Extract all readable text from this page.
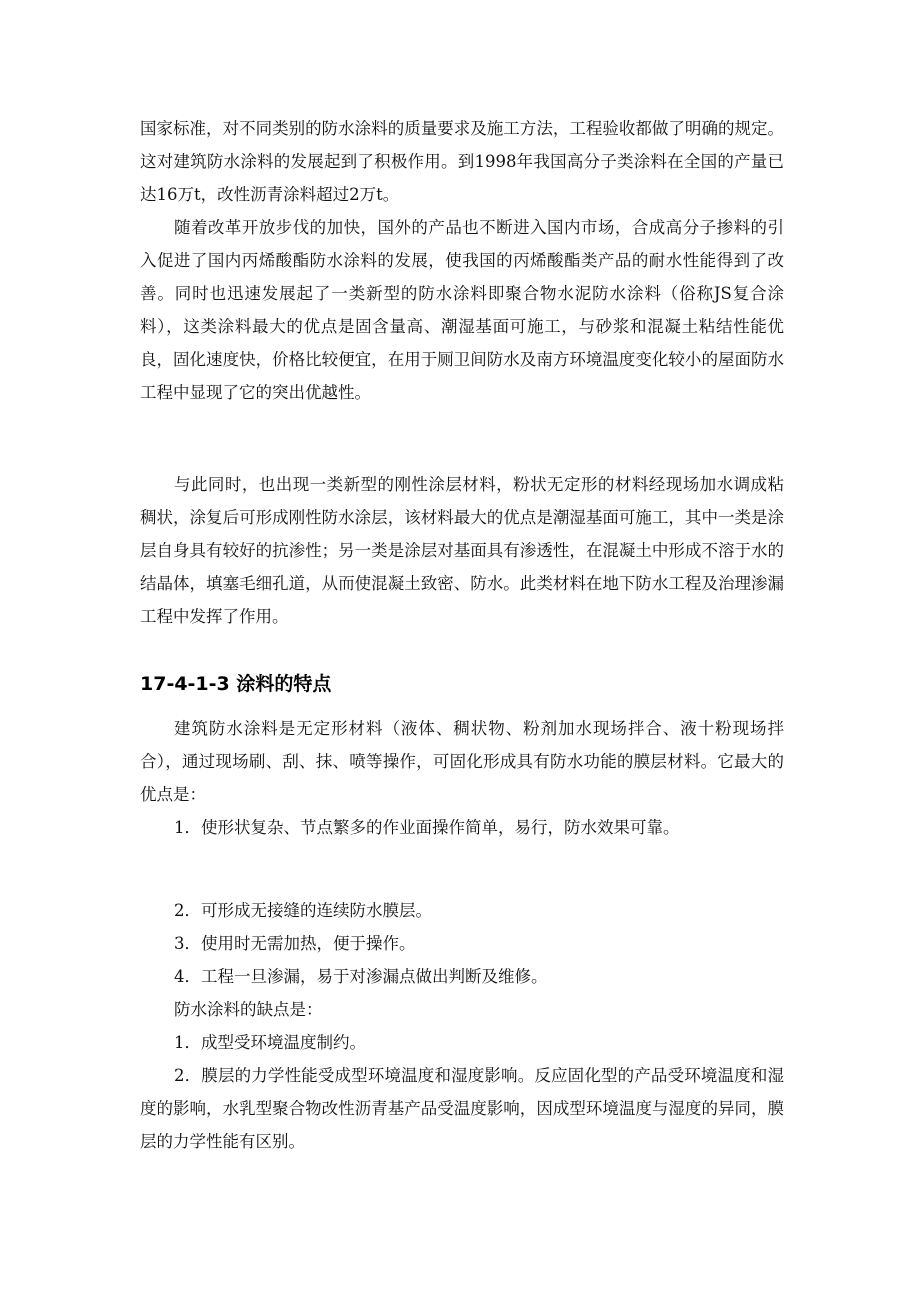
国家标准，对不同类别的防水涂料的质量要求及施工方法，工程验收都做了明确的规定。这对建筑防水涂料的发展起到了积极作用。到1998年我国高分子类涂料在全国的产量已达16万t，改性沥青涂料超过2万t。

随着改革开放步伐的加快，国外的产品也不断进入国内市场，合成高分子掺料的引入促进了国内丙烯酸酯防水涂料的发展，使我国的丙烯酸酯类产品的耐水性能得到了改善。同时也迅速发展起了一类新型的防水涂料即聚合物水泥防水涂料（俗称JS复合涂料），这类涂料最大的优点是固含量高、潮湿基面可施工，与砂浆和混凝土粘结性能优良，固化速度快，价格比较便宜，在用于厕卫间防水及南方环境温度变化较小的屋面防水工程中显现了它的突出优越性。

与此同时，也出现一类新型的刚性涂层材料，粉状无定形的材料经现场加水调成粘稠状，涂复后可形成刚性防水涂层，该材料最大的优点是潮湿基面可施工，其中一类是涂层自身具有较好的抗渗性；另一类是涂层对基面具有渗透性，在混凝土中形成不溶于水的结晶体，填塞毛细孔道，从而使混凝土致密、防水。此类材料在地下防水工程及治理渗漏工程中发挥了作用。

17-4-1-3 涂料的特点

建筑防水涂料是无定形材料（液体、稠状物、粉剂加水现场拌合、液十粉现场拌合），通过现场刷、刮、抹、喷等操作，可固化形成具有防水功能的膜层材料。它最大的优点是：

1．使形状复杂、节点繁多的作业面操作简单，易行，防水效果可靠。

2．可形成无接缝的连续防水膜层。

3．使用时无需加热，便于操作。

4．工程一旦渗漏，易于对渗漏点做出判断及维修。

防水涂料的缺点是：

1．成型受环境温度制约。

2．膜层的力学性能受成型环境温度和湿度影响。反应固化型的产品受环境温度和湿度的影响，水乳型聚合物改性沥青基产品受温度影响，因成型环境温度与湿度的异同，膜层的力学性能有区别。
